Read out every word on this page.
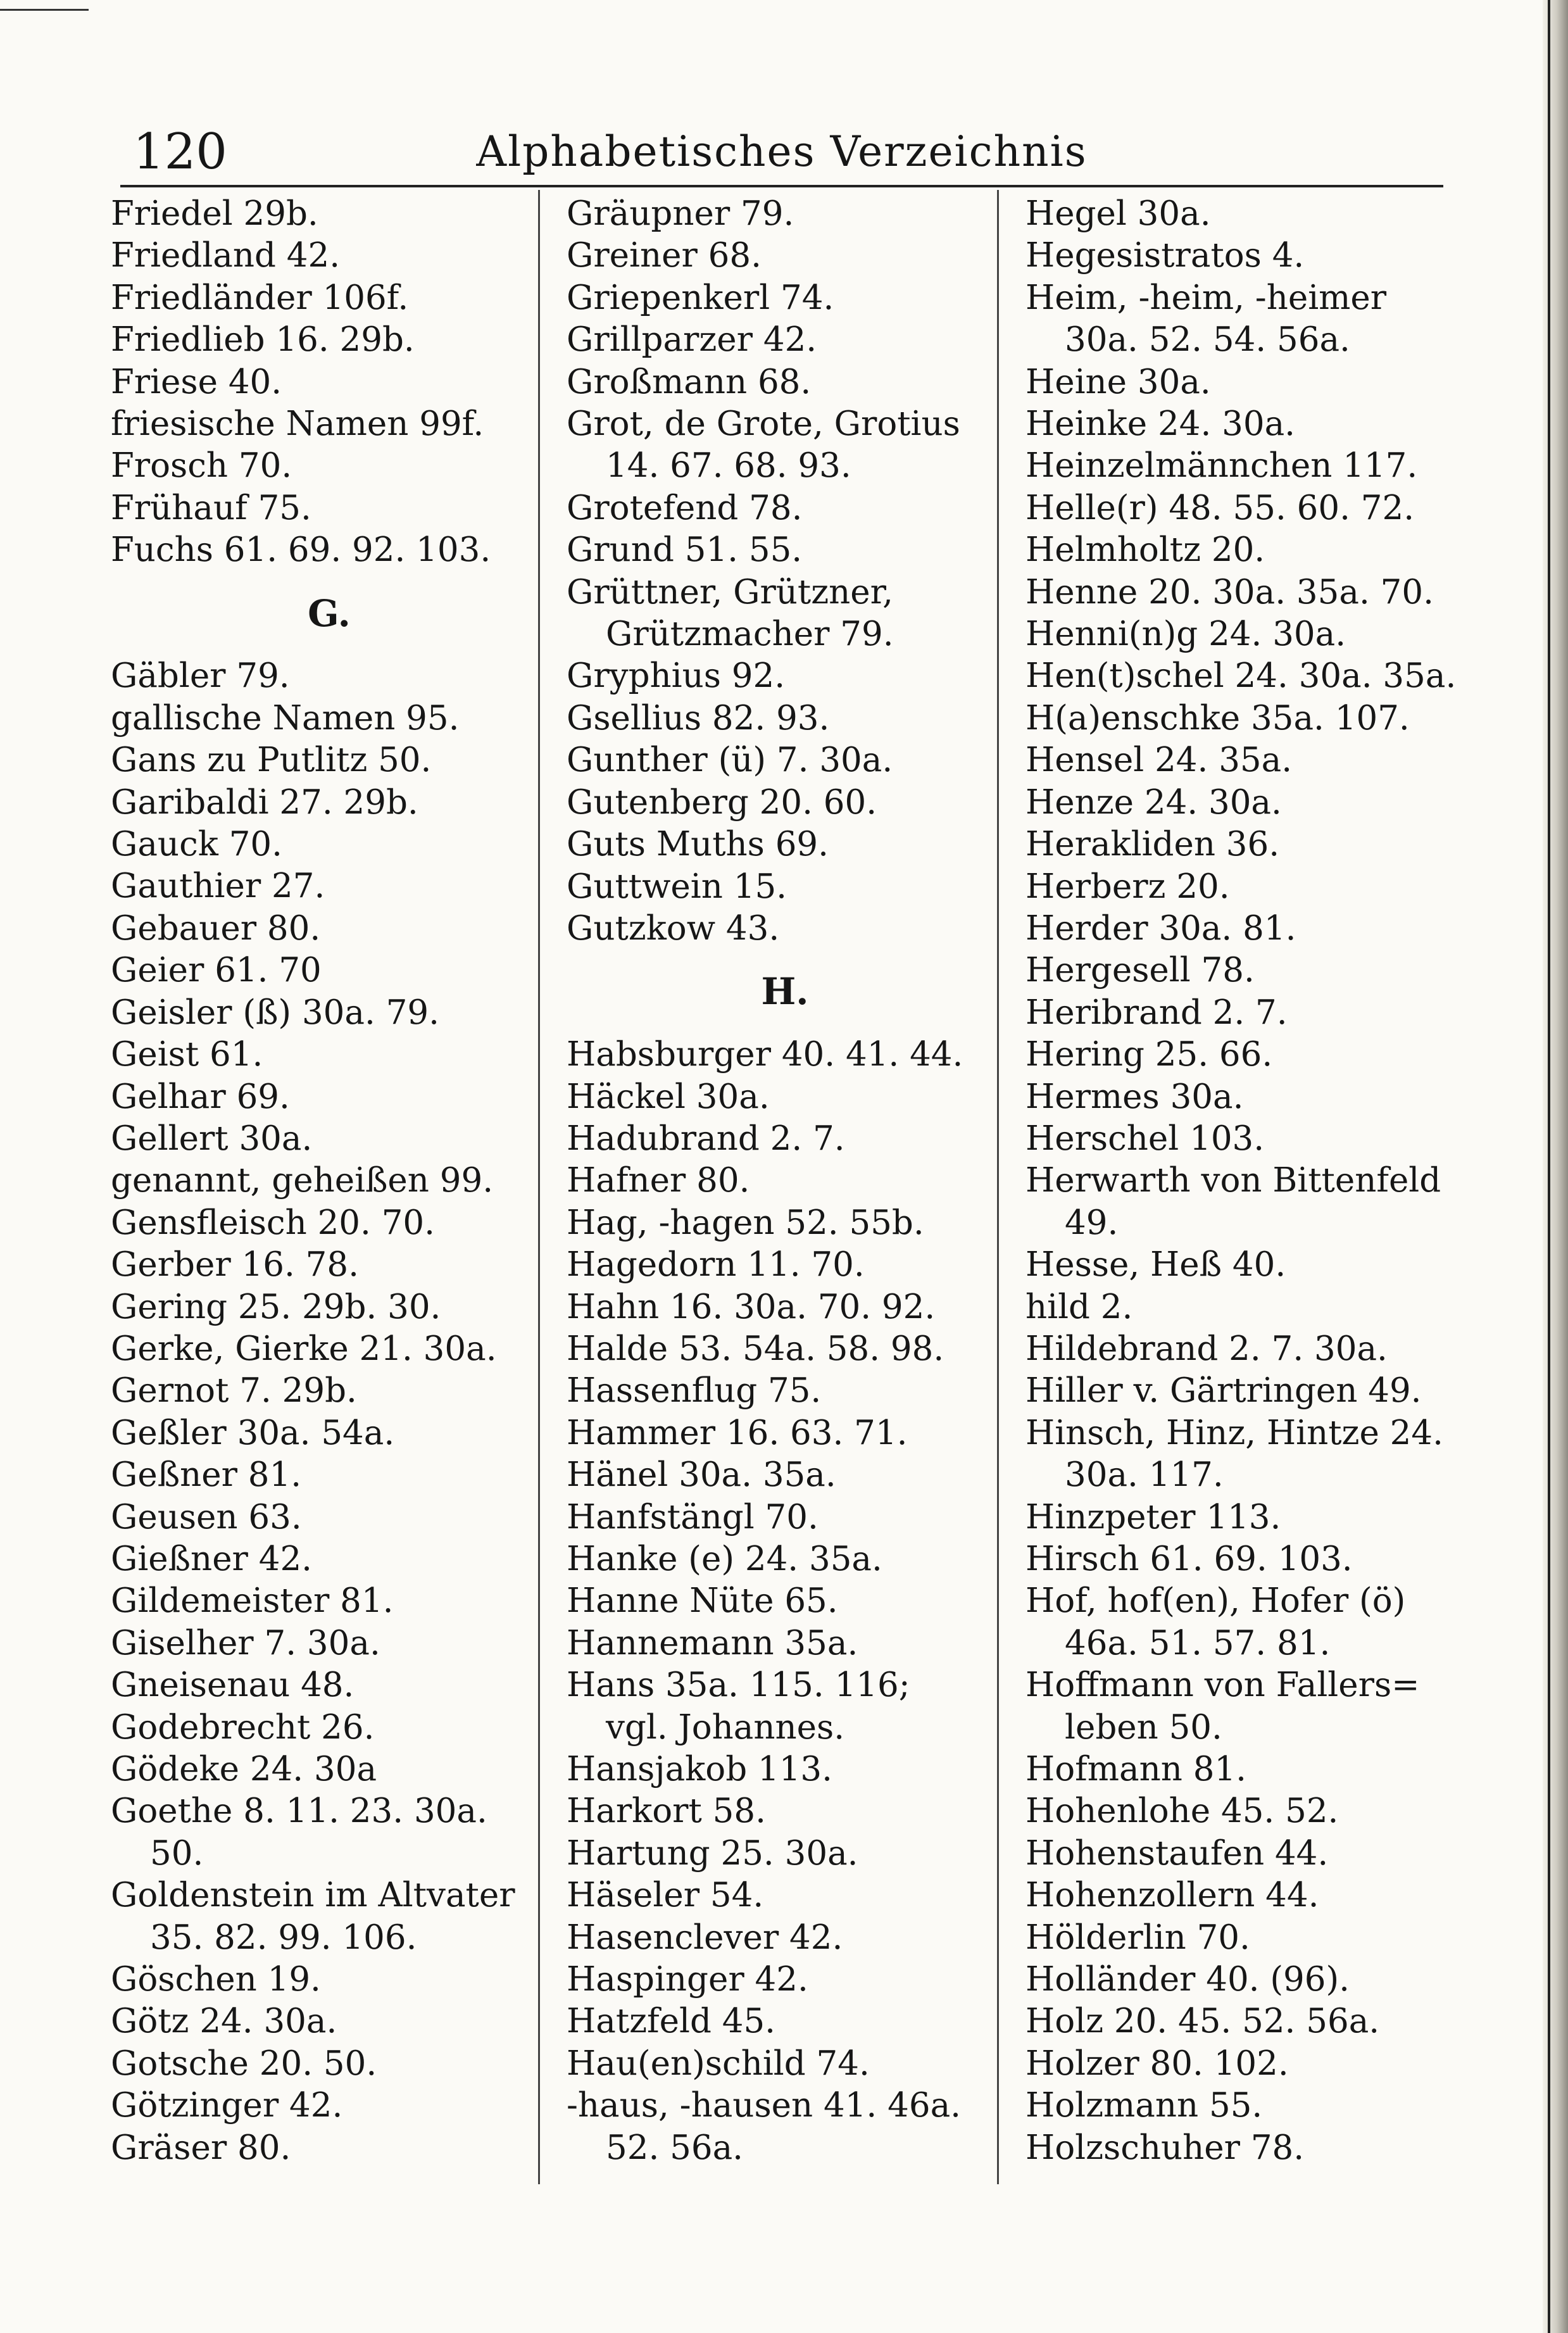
120	Alphabetisches Verzeichnis
Friedel 29b.
Friedland 42.
Friedländer 106f.
Friedlieb 16. 29b.
Friese 40.
friesische Namen 99f.
Frosch 70.
Frühauf 75.
Fuchs 61. 69. 92. 103.
G.
Gäbler 79.
gallische Namen 95.
Gans zu Putlitz 50.
Garibaldi 27. 29b.
Gauck 70.
Gauthier 27.
Gebauer 80.
Geier 61. 70
Geisler (ß) 30a. 79.
Geist 61.
Gelhar 69.
Gellert 30a.
genannt, geheißen 99.
Gensfleisch 20. 70.
Gerber 16. 78.
Gering 25. 29b. 30.
Gerke, Gierke 21. 30a.
Gernot 7. 29b.
Geßler 30a. 54a.
Geßner 81.
Geusen 63.
Gießner 42.
Gildemeister 81.
Giselher 7. 30a.
Gneisenau 48.
Godebrecht 26.
Gödeke 24. 30a
Goethe 8. 11. 23. 30a.
50.
Goldenstein im Altvater
35. 82. 99. 106.
Göschen 19.
Götz 24. 30a.
Gotsche 20. 50.
Götzinger 42.
Gräser 80.
Gräupner 79.
Greiner 68.
Griepenkerl 74.
Grillparzer 42.
Großmann 68.
Grot, de Grote, Grotius
14. 67. 68. 93.
Grotefend 78.
Grund 51. 55.
Grüttner, Grützner,
Grützmacher 79.
Gryphius 92.
Gsellius 82. 93.
Gunther (ü) 7. 30a.
Gutenberg 20. 60.
Guts Muths 69.
Guttwein 15.
Gutzkow 43.
H.
Habsburger 40. 41. 44.
Häckel 30a.
Hadubrand 2. 7.
Hafner 80.
Hag, -hagen 52. 55b.
Hagedorn 11. 70.
Hahn 16. 30a. 70. 92.
Halde 53. 54a. 58. 98.
Hassenflug 75.
Hammer 16. 63. 71.
Hänel 30a. 35a.
Hanfstängl 70.
Hanke (e) 24. 35a.
Hanne Nüte 65.
Hannemann 35a.
Hans 35a. 115. 116;
vgl. Johannes.
Hansjakob 113.
Harkort 58.
Hartung 25. 30a.
Häseler 54.
Hasenclever 42.
Haspinger 42.
Hatzfeld 45.
Hau(en)schild 74.
-haus, -hausen 41. 46a.
52. 56a.
Hegel 30a.
Hegesistratos 4.
Heim, -heim, -heimer
30a. 52. 54. 56a.
Heine 30a.
Heinke 24. 30a.
Heinzelmännchen 117.
Helle(r) 48. 55. 60. 72.
Helmholtz 20.
Henne 20. 30a. 35a. 70.
Henni(n)g 24. 30a.
Hen(t)schel 24. 30a. 35a.
H(a)enschke 35a. 107.
Hensel 24. 35a.
Henze 24. 30a.
Herakliden 36.
Herberz 20.
Herder 30a. 81.
Hergesell 78.
Heribrand 2. 7.
Hering 25. 66.
Hermes 30a.
Herschel 103.
Herwarth von Bittenfeld
49.
Hesse, Heß 40.
hild 2.
Hildebrand 2. 7. 30a.
Hiller v. Gärtringen 49.
Hinsch, Hinz, Hintze 24.
30a. 117.
Hinzpeter 113.
Hirsch 61. 69. 103.
Hof, hof(en), Hofer (ö)
46a. 51. 57. 81.
Hoffmann von Fallers=
leben 50.
Hofmann 81.
Hohenlohe 45. 52.
Hohenstaufen 44.
Hohenzollern 44.
Hölderlin 70.
Holländer 40. (96).
Holz 20. 45. 52. 56a.
Holzer 80. 102.
Holzmann 55.
Holzschuher 78.
